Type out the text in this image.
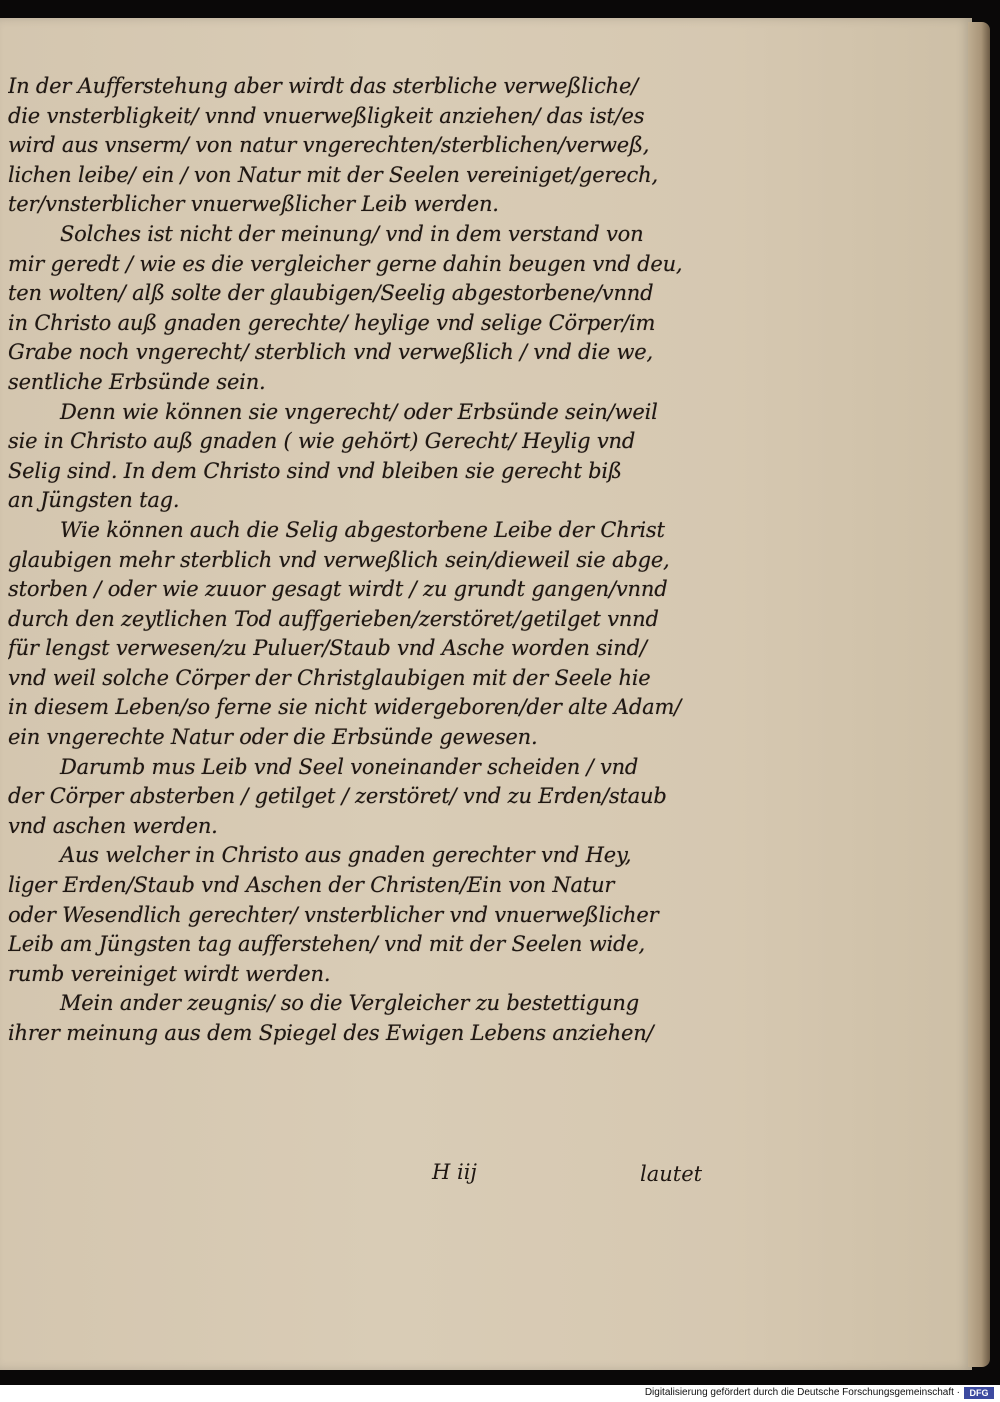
In der Aufferstehung aber wirdt das sterbliche verweßliche/
die vnsterbligkeit/ vnnd vnuerweßligkeit anziehen/ das ist/es
wird aus vnserm/ von natur vngerechten/sterblichen/verweß,
lichen leibe/ ein / von Natur mit der Seelen vereiniget/gerech,
ter/vnsterblicher vnuerweßlicher Leib werden.
Solches ist nicht der meinung/ vnd in dem verstand von
mir geredt / wie es die vergleicher gerne dahin beugen vnd deu,
ten wolten/ alß solte der glaubigen/Seelig abgestorbene/vnnd
in Christo auß gnaden gerechte/ heylige vnd selige Cörper/im
Grabe noch vngerecht/ sterblich vnd verweßlich / vnd die we,
sentliche Erbsünde sein.
Denn wie können sie vngerecht/ oder Erbsünde sein/weil
sie in Christo auß gnaden ( wie gehört) Gerecht/ Heylig vnd
Selig sind. In dem Christo sind vnd bleiben sie gerecht biß
an Jüngsten tag.
Wie können auch die Selig abgestorbene Leibe der Christ
glaubigen mehr sterblich vnd verweßlich sein/dieweil sie abge,
storben / oder wie zuuor gesagt wirdt / zu grundt gangen/vnnd
durch den zeytlichen Tod auffgerieben/zerstöret/getilget vnnd
für lengst verwesen/zu Puluer/Staub vnd Asche worden sind/
vnd weil solche Cörper der Christglaubigen mit der Seele hie
in diesem Leben/so ferne sie nicht widergeboren/der alte Adam/
ein vngerechte Natur oder die Erbsünde gewesen.
Darumb mus Leib vnd Seel voneinander scheiden / vnd
der Cörper absterben / getilget / zerstöret/ vnd zu Erden/staub
vnd aschen werden.
Aus welcher in Christo aus gnaden gerechter vnd Hey,
liger Erden/Staub vnd Aschen der Christen/Ein von Natur
oder Wesendlich gerechter/ vnsterblicher vnd vnuerweßlicher
Leib am Jüngsten tag aufferstehen/ vnd mit der Seelen wide,
rumb vereiniget wirdt werden.
Mein ander zeugnis/ so die Vergleicher zu bestettigung
ihrer meinung aus dem Spiegel des Ewigen Lebens anziehen/
H iij	lautet
Digitalisierung gefördert durch die Deutsche Forschungsgemeinschaft ·	DFG
